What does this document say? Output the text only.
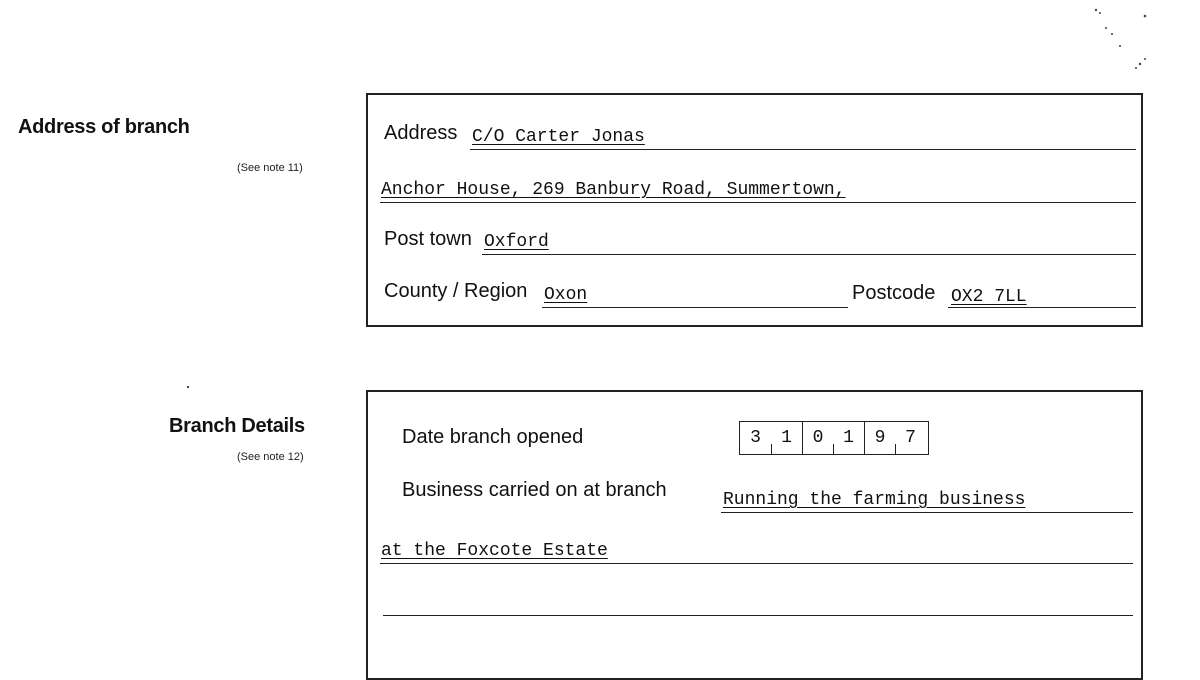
Address of branch
(See note 11)
Address C/O Carter Jonas
Anchor House, 269 Banbury Road, Summertown,
Post town Oxford
County / Region Oxon	Postcode OX2 7LL
Branch Details
(See note 12)
Date branch opened	3	1	0	1	9	7
Business carried on at branch	Running the farming business
at the Foxcote Estate
